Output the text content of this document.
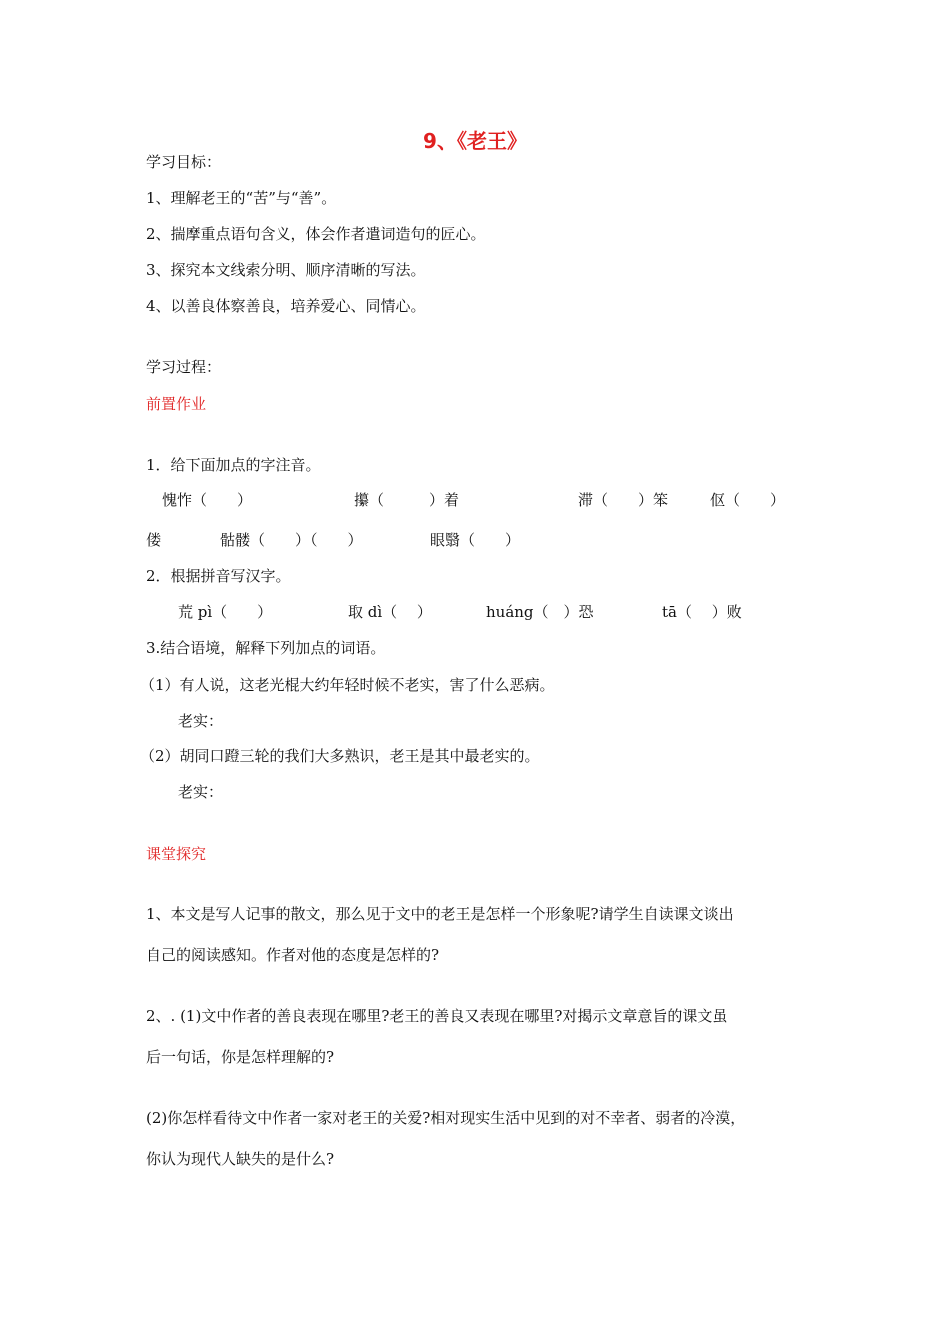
9、《老王》
学习目标：
1、理解老王的“苦”与“善”。
2、揣摩重点语句含义，体会作者遣词造句的匠心。
3、探究本文线索分明、顺序清晰的写法。
4、以善良体察善良，培养爱心、同情心。
学习过程：
前置作业
1．给下面加点的字注音。
愧怍（　　）	攥（　　　）着	滞（　　）笨	伛（　　）
偻	骷髅（　　）（　　）	眼翳（　　）
2．根据拼音写汉字。
荒 pì（　　）	取 dì（　 ）	huáng（　）恐	tā（　 ）败
3.结合语境，解释下列加点的词语。
（1）有人说，这老光棍大约年轻时候不老实，害了什么恶病。
老实：
（2）胡同口蹬三轮的我们大多熟识，老王是其中最老实的。
老实：
课堂探究
1、本文是写人记事的散文，那么见于文中的老王是怎样一个形象呢?请学生自读课文谈出
自己的阅读感知。作者对他的态度是怎样的?
2、. (1)文中作者的善良表现在哪里?老王的善良又表现在哪里?对揭示文章意旨的课文虽
后一句话，你是怎样理解的?
(2)你怎样看待文中作者一家对老王的关爱?相对现实生活中见到的对不幸者、弱者的冷漠，
你认为现代人缺失的是什么?
